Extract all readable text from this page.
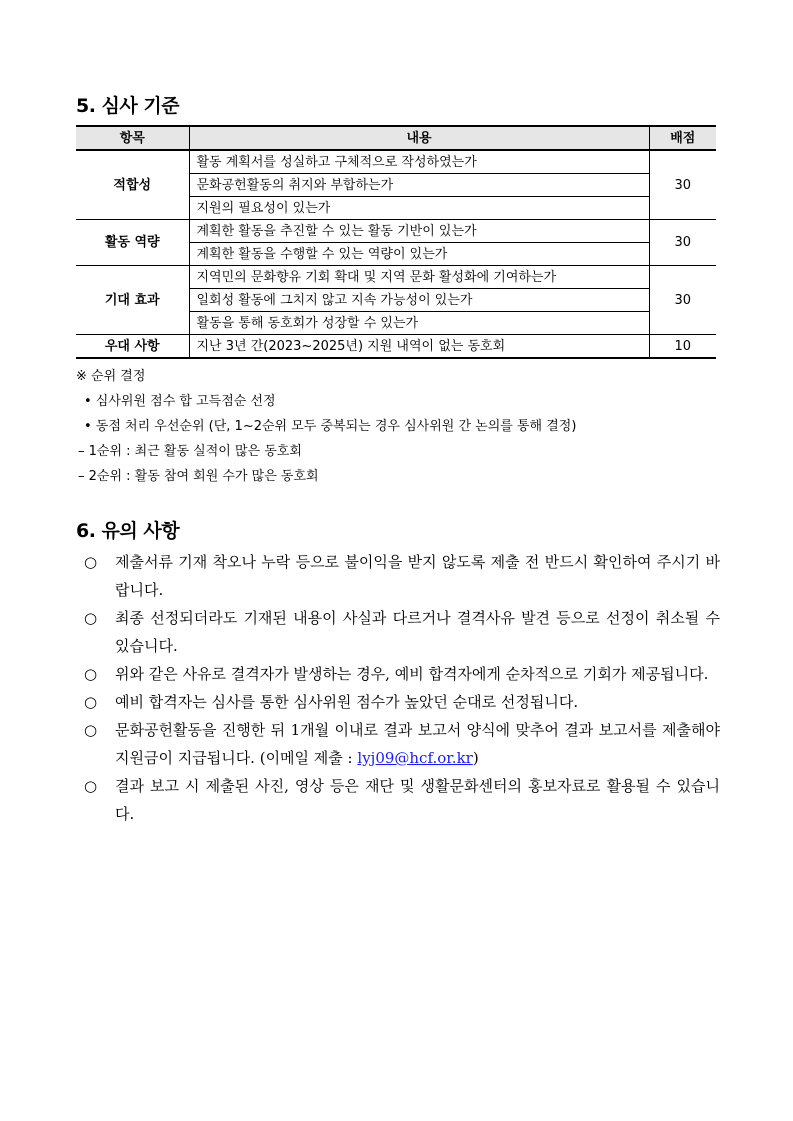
5. 심사 기준
항목	내용	배점
적합성	활동 계획서를 성실하고 구체적으로 작성하였는가	30
	문화공헌활동의 취지와 부합하는가	
	지원의 필요성이 있는가	
활동 역량	계획한 활동을 추진할 수 있는 활동 기반이 있는가	30
	계획한 활동을 수행할 수 있는 역량이 있는가	
기대 효과	지역민의 문화향유 기회 확대 및 지역 문화 활성화에 기여하는가	30
	일회성 활동에 그치지 않고 지속 가능성이 있는가	
	활동을 통해 동호회가 성장할 수 있는가	
우대 사항	지난 3년 간(2023~2025년) 지원 내역이 없는 동호회	10
※ 순위 결정
• 심사위원 점수 합 고득점순 선정
• 동점 처리 우선순위 (단, 1~2순위 모두 중복되는 경우 심사위원 간 논의를 통해 결정)
– 1순위 : 최근 활동 실적이 많은 동호회
– 2순위 : 활동 참여 회원 수가 많은 동호회
6. 유의 사항
○ 제출서류 기재 착오나 누락 등으로 불이익을 받지 않도록 제출 전 반드시 확인하여 주시기 바랍니다.
○ 최종 선정되더라도 기재된 내용이 사실과 다르거나 결격사유 발견 등으로 선정이 취소될 수 있습니다.
○ 위와 같은 사유로 결격자가 발생하는 경우, 예비 합격자에게 순차적으로 기회가 제공됩니다.
○ 예비 합격자는 심사를 통한 심사위원 점수가 높았던 순대로 선정됩니다.
○ 문화공헌활동을 진행한 뒤 1개월 이내로 결과 보고서 양식에 맞추어 결과 보고서를 제출해야 지원금이 지급됩니다. (이메일 제출 : lyj09@hcf.or.kr)
○ 결과 보고 시 제출된 사진, 영상 등은 재단 및 생활문화센터의 홍보자료로 활용될 수 있습니다.
